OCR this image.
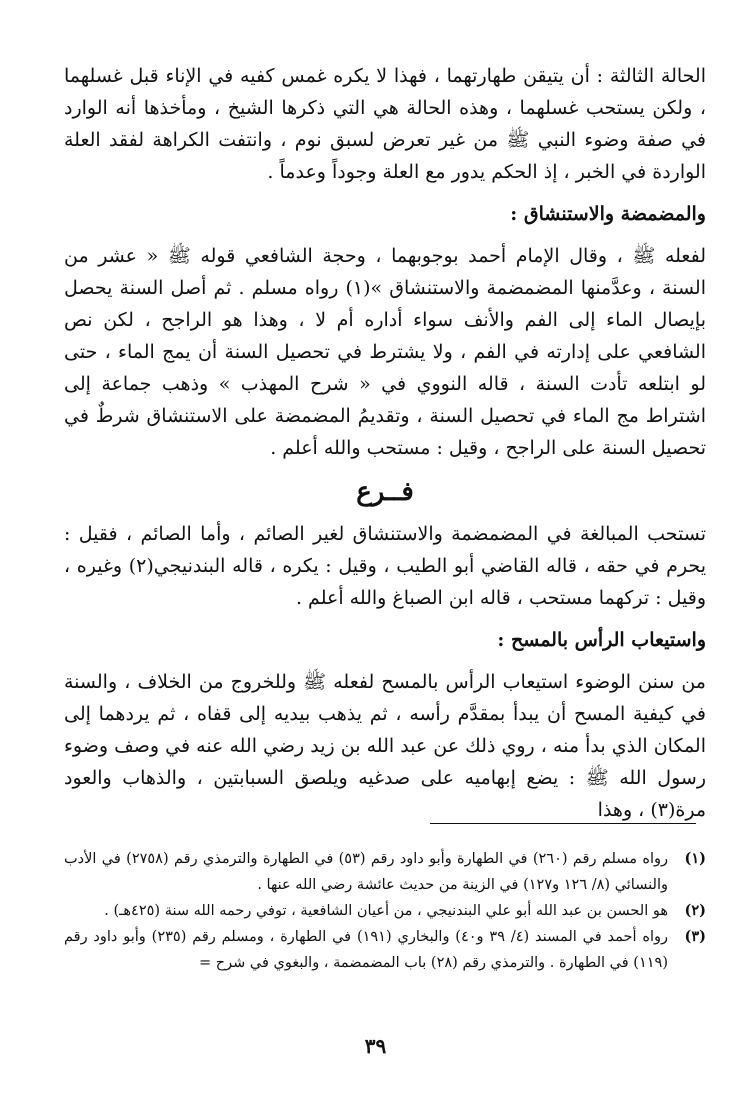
الحالة الثالثة : أن يتيقن طهارتهما ، فهذا لا يكره غمس كفيه في الإناء قبل غسلهما ، ولكن يستحب غسلهما ، وهذه الحالة هي التي ذكرها الشيخ ، ومأخذها أنه الوارد في صفة وضوء النبي ﷺ من غير تعرض لسبق نوم ، وانتفت الكراهة لفقد العلة الواردة في الخبر ، إذ الحكم يدور مع العلة وجوداً وعدماً .

والمضمضة والاستنشاق :

لفعله ﷺ ، وقال الإمام أحمد بوجوبهما ، وحجة الشافعي قوله ﷺ « عشر من السنة ، وعدَّمنها المضمضمة والاستنشاق »(١) رواه مسلم . ثم أصل السنة يحصل بإيصال الماء إلى الفم والأنف سواء أداره أم لا ، وهذا هو الراجح ، لكن نص الشافعي على إدارته في الفم ، ولا يشترط في تحصيل السنة أن يمج الماء ، حتى لو ابتلعه تأدت السنة ، قاله النووي في « شرح المهذب » وذهب جماعة إلى اشتراط مج الماء في تحصيل السنة ، وتقديمُ المضمضة على الاستنشاق شرطٌ في تحصيل السنة على الراجح ، وقيل : مستحب والله أعلم .

فــرع

تستحب المبالغة في المضمضمة والاستنشاق لغير الصائم ، وأما الصائم ، فقيل : يحرم في حقه ، قاله القاضي أبو الطيب ، وقيل : يكره ، قاله البندنيجي(٢) وغيره ، وقيل : تركهما مستحب ، قاله ابن الصباغ والله أعلم .

واستيعاب الرأس بالمسح :

من سنن الوضوء استيعاب الرأس بالمسح لفعله ﷺ وللخروج من الخلاف ، والسنة في كيفية المسح أن يبدأ بمقدَّم رأسه ، ثم يذهب بيديه إلى قفاه ، ثم يردهما إلى المكان الذي بدأ منه ، روي ذلك عن عبد الله بن زيد رضي الله عنه في وصف وضوء رسول الله ﷺ : يضع إبهاميه على صدغيه ويلصق السبابتين ، والذهاب والعود مرة(٣) ، وهذا

(١)
رواه مسلم رقم (٢٦٠) في الطهارة وأبو داود رقم (٥٣) في الطهارة والترمذي رقم (٢٧٥٨) في الأدب والنسائي (٨/ ١٢٦ و١٢٧) في الزينة من حديث عائشة رضي الله عنها .
(٢)
هو الحسن بن عبد الله أبو علي البندنيجي ، من أعيان الشافعية ، توفي رحمه الله سنة (٤٢٥هـ) .
(٣)
رواه أحمد في المسند (٤/ ٣٩ و٤٠) والبخاري (١٩١) في الطهارة ، ومسلم رقم (٢٣٥) وأبو داود رقم (١١٩) في الطهارة . والترمذي رقم (٢٨) باب المضمضمة ، والبغوي في شرح =
٣٩
